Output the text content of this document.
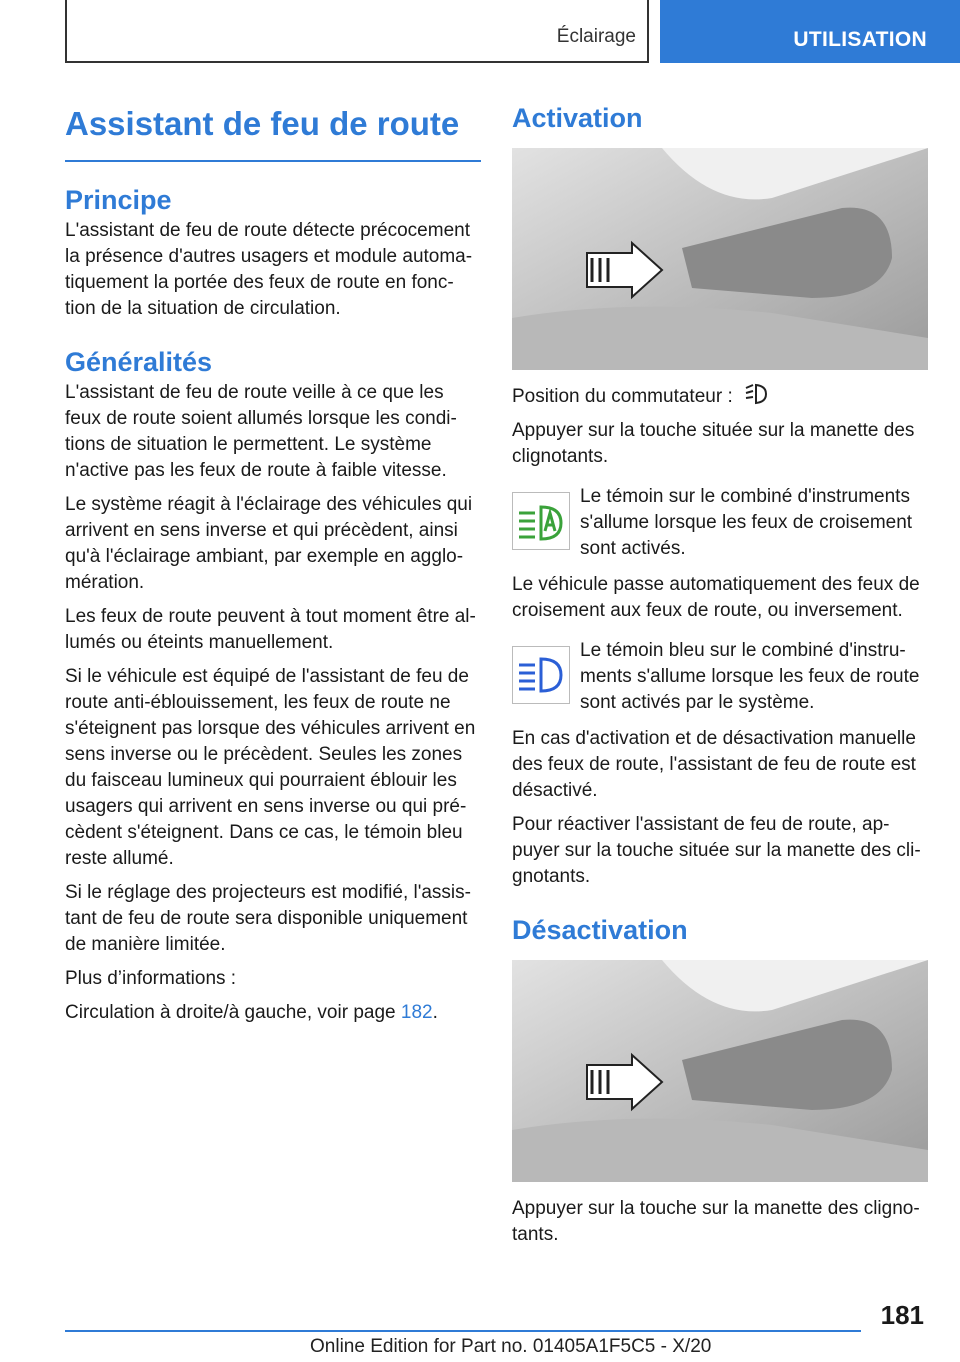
Éclairage	UTILISATION
Assistant de feu de route
Principe

L'assistant de feu de route détecte précocement la présence d'autres usagers et module automa-tiquement la portée des feux de route en fonc-tion de la situation de circulation.

Généralités

L'assistant de feu de route veille à ce que les feux de route soient allumés lorsque les condi-tions de situation le permettent. Le système n'active pas les feux de route à faible vitesse.

Le système réagit à l'éclairage des véhicules qui arrivent en sens inverse et qui précèdent, ainsi qu'à l'éclairage ambiant, par exemple en agglo-mération.

Les feux de route peuvent à tout moment être al-lumés ou éteints manuellement.

Si le véhicule est équipé de l'assistant de feu de route anti-éblouissement, les feux de route ne s'éteignent pas lorsque des véhicules arrivent en sens inverse ou le précèdent. Seules les zones du faisceau lumineux qui pourraient éblouir les usagers qui arrivent en sens inverse ou qui pré-cèdent s'éteignent. Dans ce cas, le témoin bleu reste allumé.

Si le réglage des projecteurs est modifié, l'assis-tant de feu de route sera disponible uniquement de manière limitée.

Plus d’informations :

Circulation à droite/à gauche, voir page 182.

Activation

Position du commutateur :

Appuyer sur la touche située sur la manette des clignotants.

Le témoin sur le combiné d'instruments s'allume lorsque les feux de croisement sont activés.

Le véhicule passe automatiquement des feux de croisement aux feux de route, ou inversement.

Le témoin bleu sur le combiné d'instru-ments s'allume lorsque les feux de route sont activés par le système.

En cas d'activation et de désactivation manuelle des feux de route, l'assistant de feu de route est désactivé.

Pour réactiver l'assistant de feu de route, ap-puyer sur la touche située sur la manette des cli-gnotants.

Désactivation

Appuyer sur la touche sur la manette des cligno-tants.

181
Online Edition for Part no. 01405A1F5C5 - X/20
